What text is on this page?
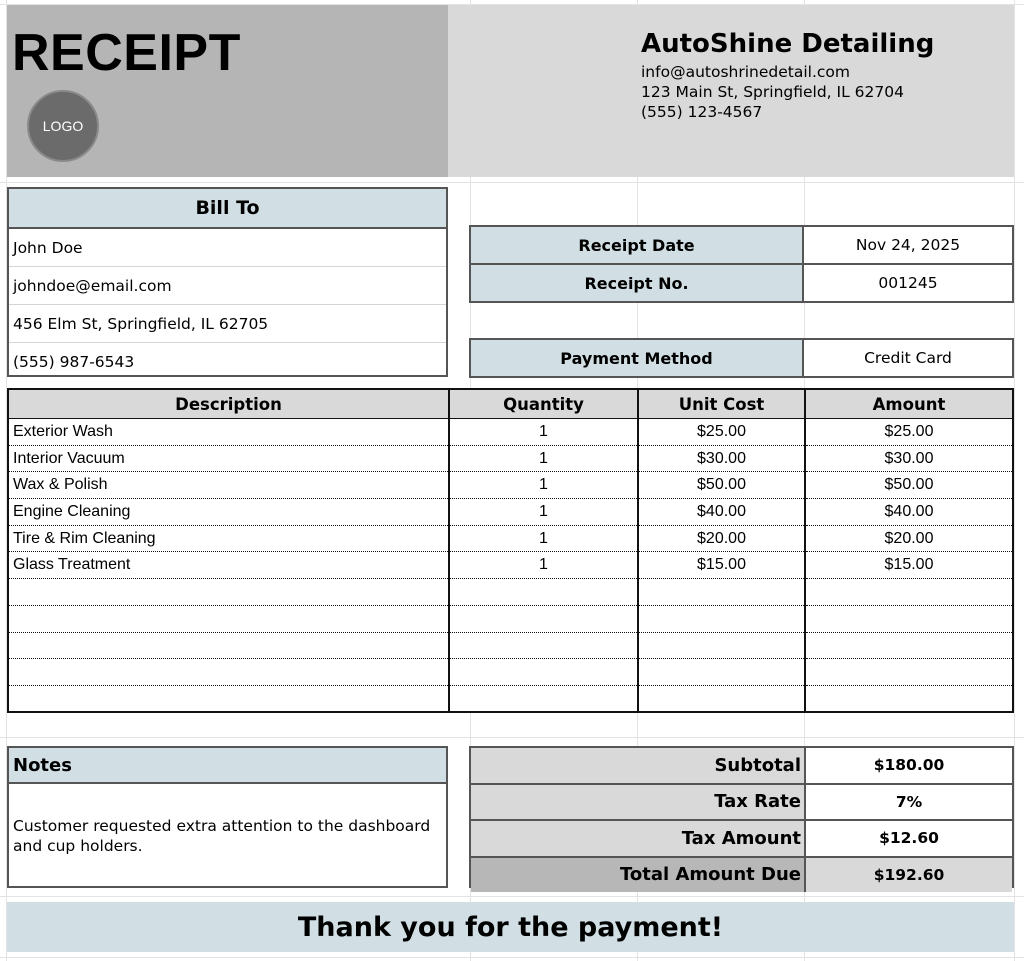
RECEIPT
LOGO
AutoShine Detailing
info@autoshrinedetail.com
123 Main St, Springfield, IL 62704
(555) 123-4567
Bill To
John Doe
johndoe@email.com
456 Elm St, Springfield, IL 62705
(555) 987-6543
Receipt Date	Nov 24, 2025
Receipt No.	001245
Payment Method	Credit Card
Description	Quantity	Unit Cost	Amount
Exterior Wash	1	$25.00	$25.00
Interior Vacuum	1	$30.00	$30.00
Wax & Polish	1	$50.00	$50.00
Engine Cleaning	1	$40.00	$40.00
Tire & Rim Cleaning	1	$20.00	$20.00
Glass Treatment	1	$15.00	$15.00

Notes
Customer requested extra attention to the dashboard and cup holders.
Subtotal	$180.00
Tax Rate	7%
Tax Amount	$12.60
Total Amount Due	$192.60
Thank you for the payment!
